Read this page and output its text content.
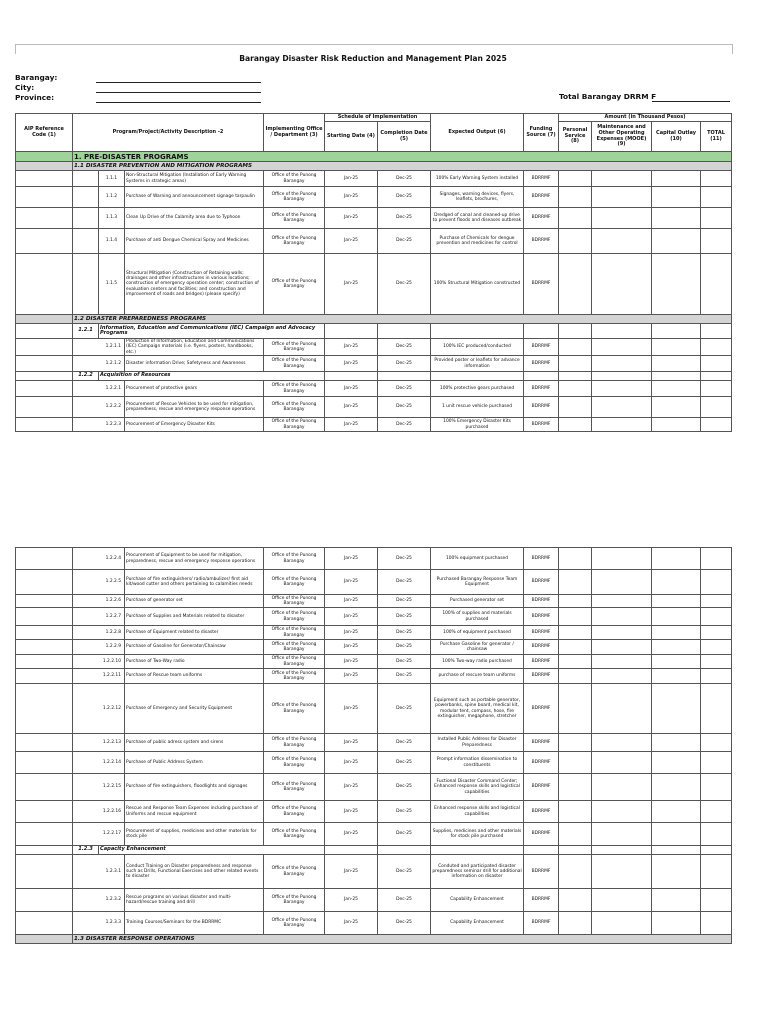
Barangay Disaster Risk Reduction and Management Plan 2025
Barangay:
City:
Province:	Total Barangay DRRM F
AIP Reference Code (1)	Program/Project/Activity Description -2			Implementing Office / Department (3)	Schedule of Implementation		Expected Output (6)	Funding Source (7)	Amount (in Thousand Pesos)			
					Starting Date (4)	Completion Date (5)			Personal Service (8)	Maintenance and Other Operating Expenses (MOOE) (9)	Capital Outlay (10)	TOTAL (11)
	1. PRE-DISASTER PROGRAMS											
	1.1 DISASTER PREVENTION AND MITIGATION PROGRAMS											
		1.1.1	Non-Structural Mitigation (Installation of Early Warning Systems in strategic areas)	Office of the Punong Barangay	Jan-25	Dec-25	100% Early Warning System installed	BDRRMF				
		1.1.2	Purchase of Warning and announcement signage tarpaulin	Office of the Punong Barangay	Jan-25	Dec-25	Signages, warning devices, flyers, leaflets, brochures,	BDRRMF				
		1.1.3	Clean Up Drive of the Calamity area due to Typhoon	Office of the Punong Barangay	Jan-25	Dec-25	Dredged of canal and cleaned-up drive to prevent floods and diseases outbreak	BDRRMF				
		1.1.4	Purchase of anti Dengue Chemical Spray and Medicines	Office of the Punong Barangay	Jan-25	Dec-25	Purchase of Chemicals for dengue prevention and medicines for control	BDRRMF				
		1.1.5	Structural Mitigation (Construction of Retaining walls; drainages and other infrastructures in various locations; construction of emergency operation center; construction of evaluation centers and facilities; and construction and improvement of roads and bridges) (please specify)	Office of the Punong Barangay	Jan-25	Dec-25	100% Structural Mitigation constructed	BDRRMF				
	1.2 DISASTER PREPAREDNESS PROGRAMS											
	1.2.1	Information, Education and Communications (IEC) Campaign and Advocacy Programs										
	1.2.1.1		Production of Information, Education and Communications (IEC) Campaign materials (i.e. flyers, posters, handbooks, etc.)	Office of the Punong Barangay	Jan-25	Dec-25	100% IEC produced/conducted	BDRRMF				
	1.2.1.2		Disaster information Drive; Safetyness and Awareness	Office of the Punong Barangay	Jan-25	Dec-25	Provided poster or leaflets for advance information	BDRRMF				
	1.2.2	Acquisition of Resources										
	1.2.2.1		Procurement of protective gears	Office of the Punong Barangay	Jan-25	Dec-25	100% protective gears purchased	BDRRMF				
	1.2.2.2		Procurement of Rescue Vehicles to be used for mitigation, preparedness, rescue and emergency response operations	Office of the Punong Barangay	Jan-25	Dec-25	1 unit rescue vehicle purchased	BDRRMF				
	1.2.2.3		Procurement of Emergency Disaster Kits	Office of the Punong Barangay	Jan-25	Dec-25	100% Emergency Disaster Kits purchased	BDRRMF				
	1.2.2.4		Procurement of Equipment to be used for mitigation, preparedness, rescue and emergency response operations	Office of the Punong Barangay	Jan-25	Dec-25	100% equipment purchased	BDRRMF				
	1.2.2.5		Purchase of fire extinguishers/ radio/ambulizer/ first aid kit/wood cutter and others pertaining to calamities needs	Office of the Punong Barangay	Jan-25	Dec-25	Purchased Barangay Response Team Equipment	BDRRMF				
	1.2.2.6		Purchase of generator set	Office of the Punong Barangay	Jan-25	Dec-25	Purchased generator set	BDRRMF				
	1.2.2.7		Purchase of Supplies and Materials related to disaster	Office of the Punong Barangay	Jan-25	Dec-25	100% of supplies and materials purchased	BDRRMF				
	1.2.2.8		Purchase of Equipment related to disaster	Office of the Punong Barangay	Jan-25	Dec-25	100% of equipment purchased	BDRRMF				
	1.2.2.9		Purchase of Gasoline for Generator/Chainsaw	Office of the Punong Barangay	Jan-25	Dec-25	Purchase Gasoline for generator / chainsaw	BDRRMF				
	1.2.2.10		Purchase of Two-Way radio	Office of the Punong Barangay	Jan-25	Dec-25	100% Two-way radio purchased	BDRRMF				
	1.2.2.11		Purchase of Rescue team uniforms	Office of the Punong Barangay	Jan-25	Dec-25	purchase of rescure team uniforms	BDRRMF				
	1.2.2.12		Purchase of Emergency and Security Equipment	Office of the Punong Barangay	Jan-25	Dec-25	Equipment such as portable generator, powerbanks, spine board, medical kit, modular tent, compass, hose, fire extinguisher, megaphone, stretcher	BDRRMF				
	1.2.2.13		Purchase of public adress system and sirens	Office of the Punong Barangay	Jan-25	Dec-25	Installed Public Address for Disaster Preparedness	BDRRMF				
	1.2.2.14		Purchase of Public Address System	Office of the Punong Barangay	Jan-25	Dec-25	Prompt information dissemination to constituents	BDRRMF				
	1.2.2.15		Purchase of fire extinguishers, floodlights and signages	Office of the Punong Barangay	Jan-25	Dec-25	Fuctional Disaster Command Center; Enhanced response skills and logistical capabilities	BDRRMF				
	1.2.2.16		Rescue and Response Team Expenses including purchase of Uniforms and rescue equipment	Office of the Punong Barangay	Jan-25	Dec-25	Enhanced response skills and logistical capabilities	BDRRMF				
	1.2.2.17		Procurement of supplies, medicines and other materials for stock pile	Office of the Punong Barangay	Jan-25	Dec-25	Supplies, medicines and other materials for stock pile purchased	BDRRMF				
	1.2.3	Capacity Enhancement										
	1.2.3.1		Conduct Training on Disaster preparedness and response such as Drills, Functional Exercises and other related events to disaster	Office of the Punong Barangay	Jan-25	Dec-25	Conduted and participated disaster preparedness seminar drill for additional information on disaster	BDRRMF				
	1.2.3.2		Rescue programs on various disaster and multi-hazard/rescue training and drill	Office of the Punong Barangay	Jan-25	Dec-25	Capability Enhancement	BDRRMF				
	1.2.3.3		Training Courses/Seminars for the BDRRMC	Office of the Punong Barangay	Jan-25	Dec-25	Capability Enhancement	BDRRMF				
	1.3 DISASTER RESPONSE OPERATIONS											
